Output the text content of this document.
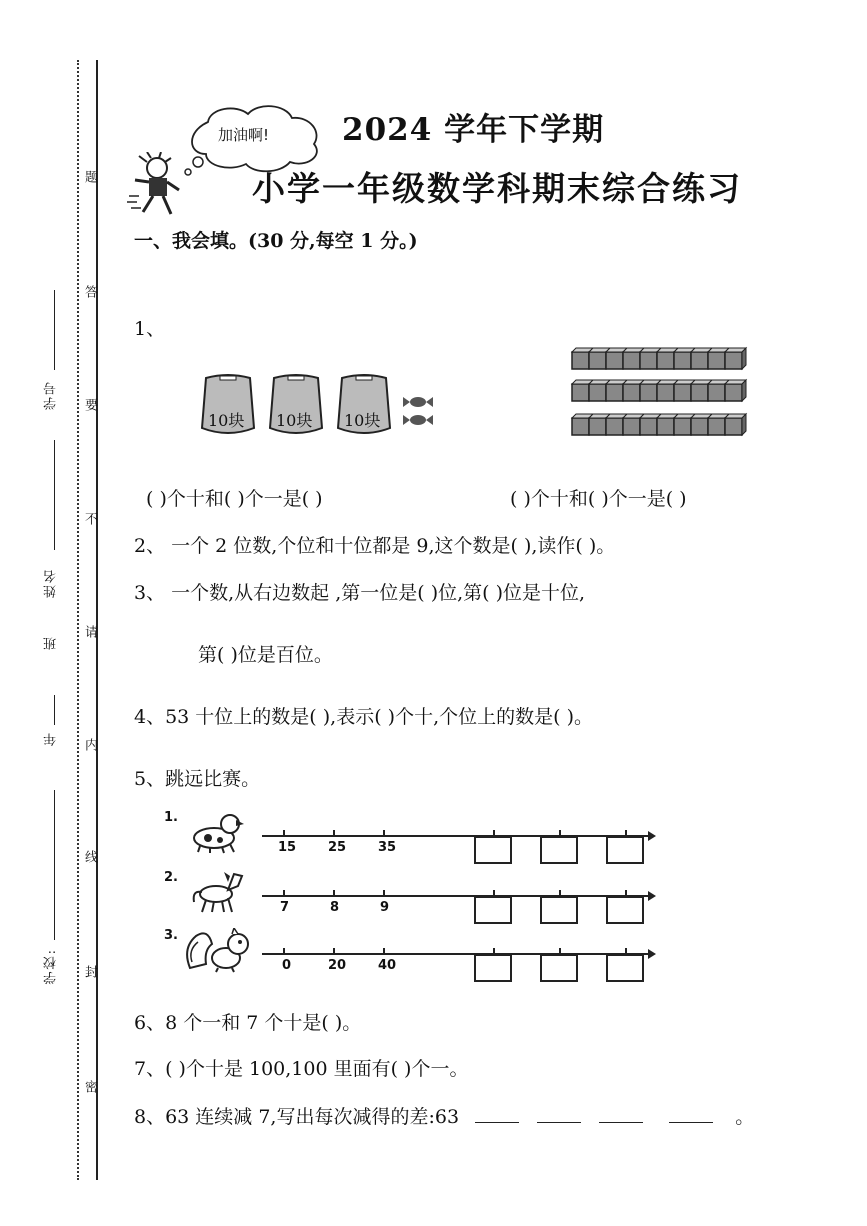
题
答
要
不
请
内
线
封
密
学号
姓名
班
年
学校:
加油啊! 2024 学年下学期
小学一年级数学科期末综合练习
一、我会填。(30 分,每空 1 分。)
1、
10块 10块 10块
( )个十和( )个一是( )	( )个十和( )个一是( )
2、 一个 2 位数,个位和十位都是 9,这个数是( ),读作( )。
3、 一个数,从右边数起 ,第一位是( )位,第( )位是十位,
第( )位是百位。
4、53 十位上的数是( ),表示( )个十,个位上的数是( )。
5、跳远比赛。
1.
15 25 35
2.
7	8	9
3.
0	20 40
6、8 个一和 7 个十是( )。
7、( )个十是 100,100 里面有( )个一。
8、63 连续减 7,写出每次减得的差:63	。
